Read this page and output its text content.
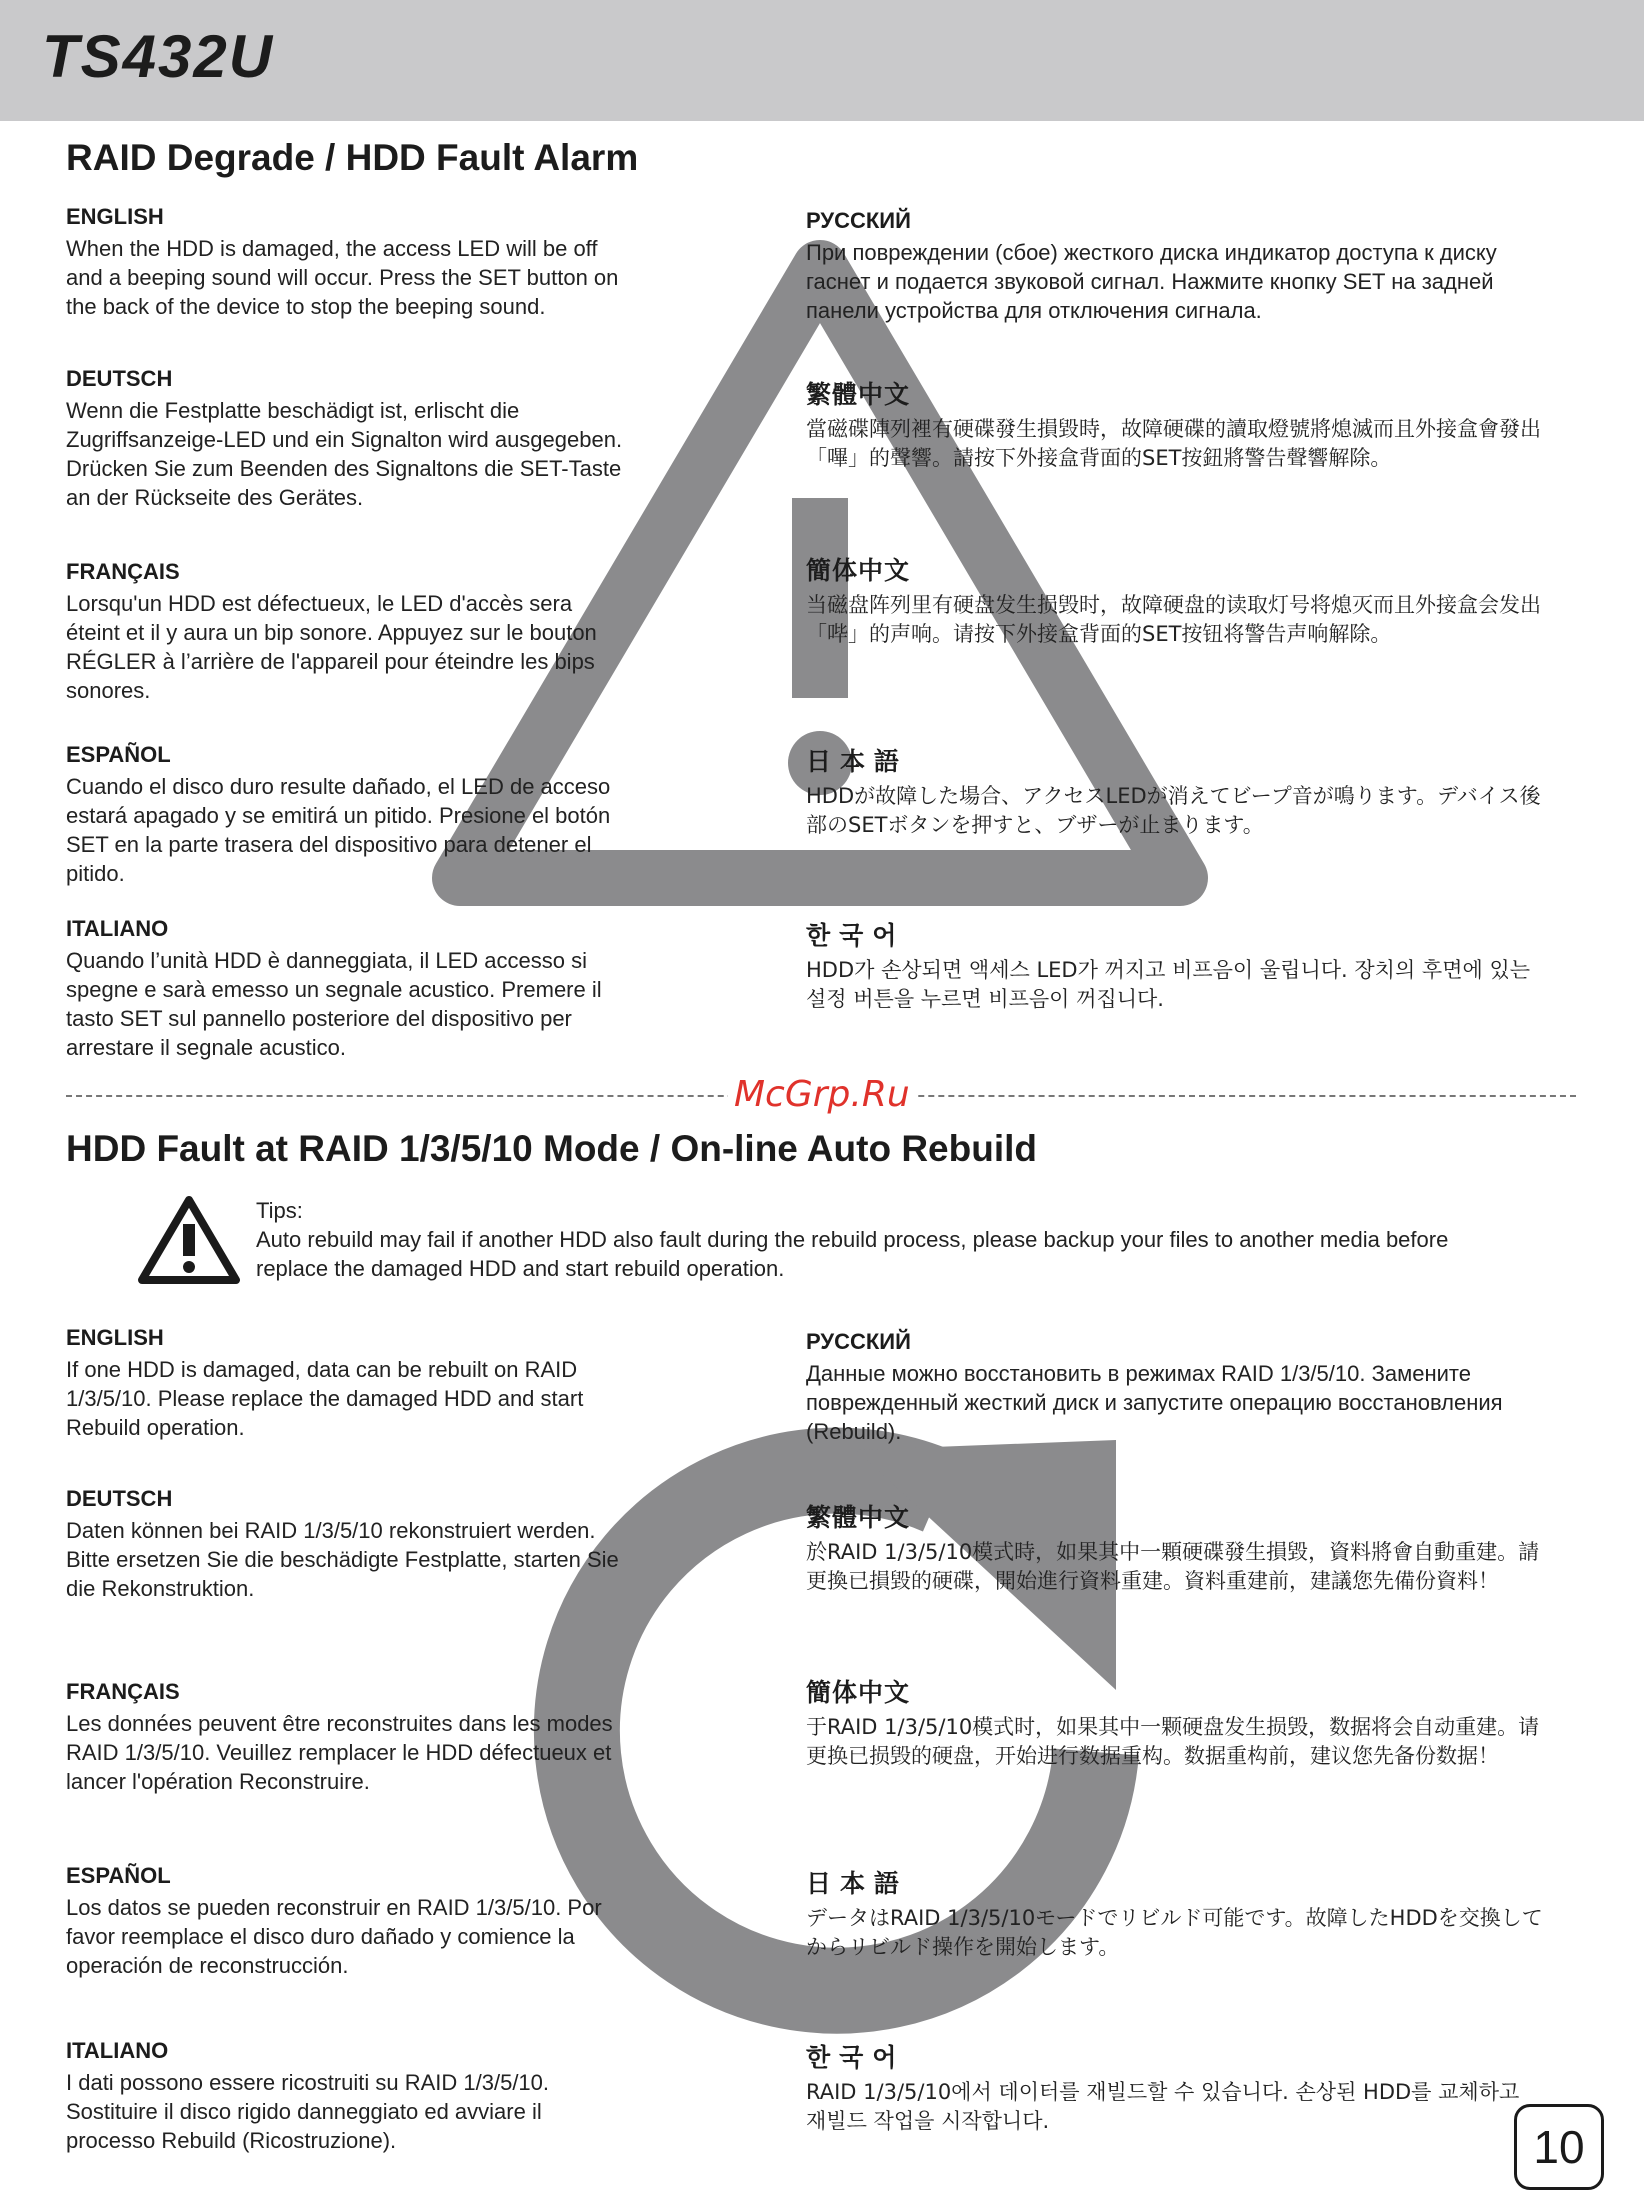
TS432U
RAID Degrade / HDD Fault Alarm
ENGLISH

When the HDD is damaged, the access LED will be off and a beeping sound will occur. Press the SET button on the back of the device to stop the beeping sound.

DEUTSCH

Wenn die Festplatte beschädigt ist, erlischt die Zugriffsanzeige-LED und ein Signalton wird ausgegeben. Drücken Sie zum Beenden des Signaltons die SET-Taste an der Rückseite des Gerätes.

FRANÇAIS

Lorsqu'un HDD est défectueux, le LED d'accès sera éteint et il y aura un bip sonore. Appuyez sur le bouton RÉGLER à l’arrière de l'appareil pour éteindre les bips sonores.

ESPAÑOL

Cuando el disco duro resulte dañado, el LED de acceso estará apagado y se emitirá un pitido. Presione el botón SET en la parte trasera del dispositivo para detener el pitido.

ITALIANO

Quando l’unità HDD è danneggiata, il LED accesso si spegne e sarà emesso un segnale acustico. Premere il tasto SET sul pannello posteriore del dispositivo per arrestare il segnale acustico.

РУССКИЙ

При повреждении (сбое) жесткого диска индикатор доступа к диску гаснет и подается звуковой сигнал. Нажмите кнопку SET на задней панели устройства для отключения сигнала.

繁體中文

當磁碟陣列裡有硬碟發生損毀時，故障硬碟的讀取燈號將熄滅而且外接盒會發出「嗶」的聲響。請按下外接盒背面的SET按鈕將警告聲響解除。

簡体中文

当磁盘阵列里有硬盘发生损毁时，故障硬盘的读取灯号将熄灭而且外接盒会发出「哔」的声响。请按下外接盒背面的SET按钮将警告声响解除。

日 本 語

HDDが故障した場合、アクセスLEDが消えてビープ音が鳴ります。デバイス後部のSETボタンを押すと、ブザーが止まります。

한 국 어

HDD가 손상되면 액세스 LED가 꺼지고 비프음이 울립니다. 장치의 후면에 있는 설정 버튼을 누르면 비프음이 꺼집니다.

McGrp.Ru
HDD Fault at RAID 1/3/5/10 Mode / On-line Auto Rebuild
Tips:
Auto rebuild may fail if another HDD also fault during the rebuild process, please backup your files to another media before replace the damaged HDD and start rebuild operation.
ENGLISH

If one HDD is damaged, data can be rebuilt on RAID 1/3/5/10. Please replace the damaged HDD and start Rebuild operation.

DEUTSCH

Daten können bei RAID 1/3/5/10 rekonstruiert werden. Bitte ersetzen Sie die beschädigte Festplatte, starten Sie die Rekonstruktion.

FRANÇAIS

Les données peuvent être reconstruites dans les modes RAID 1/3/5/10. Veuillez remplacer le HDD défectueux et lancer l'opération Reconstruire.

ESPAÑOL

Los datos se pueden reconstruir en RAID 1/3/5/10. Por favor reemplace el disco duro dañado y comience la operación de reconstrucción.

ITALIANO

I dati possono essere ricostruiti su RAID 1/3/5/10. Sostituire il disco rigido danneggiato ed avviare il processo Rebuild (Ricostruzione).

РУССКИЙ

Данные можно восстановить в режимах RAID 1/3/5/10. Замените поврежденный жесткий диск и запустите операцию восстановления (Rebuild).

繁體中文

於RAID 1/3/5/10模式時，如果其中一顆硬碟發生損毀，資料將會自動重建。請更換已損毀的硬碟，開始進行資料重建。資料重建前，建議您先備份資料！

簡体中文

于RAID 1/3/5/10模式时，如果其中一颗硬盘发生损毁，数据将会自动重建。请更换已损毁的硬盘，开始进行数据重构。数据重构前，建议您先备份数据！

日 本 語

データはRAID 1/3/5/10モードでリビルド可能です。故障したHDDを交換してからリビルド操作を開始します。

한 국 어

RAID 1/3/5/10에서 데이터를 재빌드할 수 있습니다. 손상된 HDD를 교체하고 재빌드 작업을 시작합니다.	10
